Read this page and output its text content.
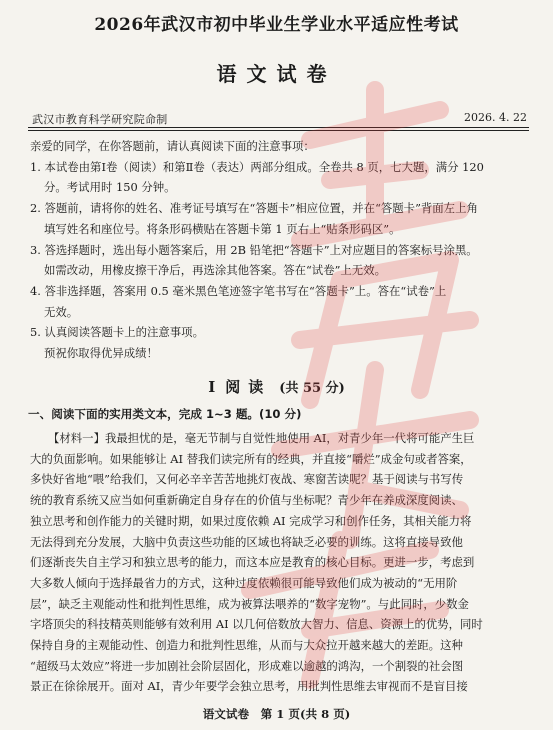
2026年武汉市初中毕业生学业水平适应性考试
语文试卷
武汉市教育科学研究院命制	2026. 4. 22
亲爱的同学，在你答题前，请认真阅读下面的注意事项：
1. 本试卷由第Ⅰ卷（阅读）和第Ⅱ卷（表达）两部分组成。全卷共 8 页，七大题，满分 120
分。考试用时 150 分钟。
2. 答题前，请将你的姓名、准考证号填写在“答题卡”相应位置，并在“答题卡”背面左上角
填写姓名和座位号。将条形码横贴在答题卡第 1 页右上“贴条形码区”。
3. 答选择题时，选出每小题答案后，用 2B 铅笔把“答题卡”上对应题目的答案标号涂黑。
如需改动，用橡皮擦干净后，再选涂其他答案。答在“试卷”上无效。
4. 答非选择题，答案用 0.5 毫米黑色笔迹签字笔书写在“答题卡”上。答在“试卷”上
无效。
5. 认真阅读答题卡上的注意事项。
预祝你取得优异成绩！
Ⅰ 阅读 (共 55 分)
一、阅读下面的实用类文本，完成 1~3 题。(10 分)
【材料一】我最担忧的是，毫无节制与自觉性地使用 AI，对青少年一代将可能产生巨
大的负面影响。如果能够让 AI 替我们读完所有的经典，并直接“嚼烂”成金句或者答案，
多快好省地“喂”给我们，又何必辛辛苦苦地挑灯夜战、寒窗苦读呢？基于阅读与书写传
统的教育系统又应当如何重新确定自身存在的价值与坐标呢？青少年在养成深度阅读、
独立思考和创作能力的关键时期，如果过度依赖 AI 完成学习和创作任务，其相关能力将
无法得到充分发展，大脑中负责这些功能的区域也将缺乏必要的训练。这将直接导致他
们逐渐丧失自主学习和独立思考的能力，而这本应是教育的核心目标。更进一步，考虑到
大多数人倾向于选择最省力的方式，这种过度依赖很可能导致他们成为被动的“无用阶
层”，缺乏主观能动性和批判性思维，成为被算法喂养的“数字宠物”。与此同时，少数金
字塔顶尖的科技精英则能够有效利用 AI 以几何倍数放大智力、信息、资源上的优势，同时
保持自身的主观能动性、创造力和批判性思维，从而与大众拉开越来越大的差距。这种
“超级马太效应”将进一步加剧社会阶层固化，形成难以逾越的鸿沟，一个割裂的社会图
景正在徐徐展开。面对 AI，青少年要学会独立思考，用批判性思维去审视而不是盲目接
语文试卷　第 1 页(共 8 页)
